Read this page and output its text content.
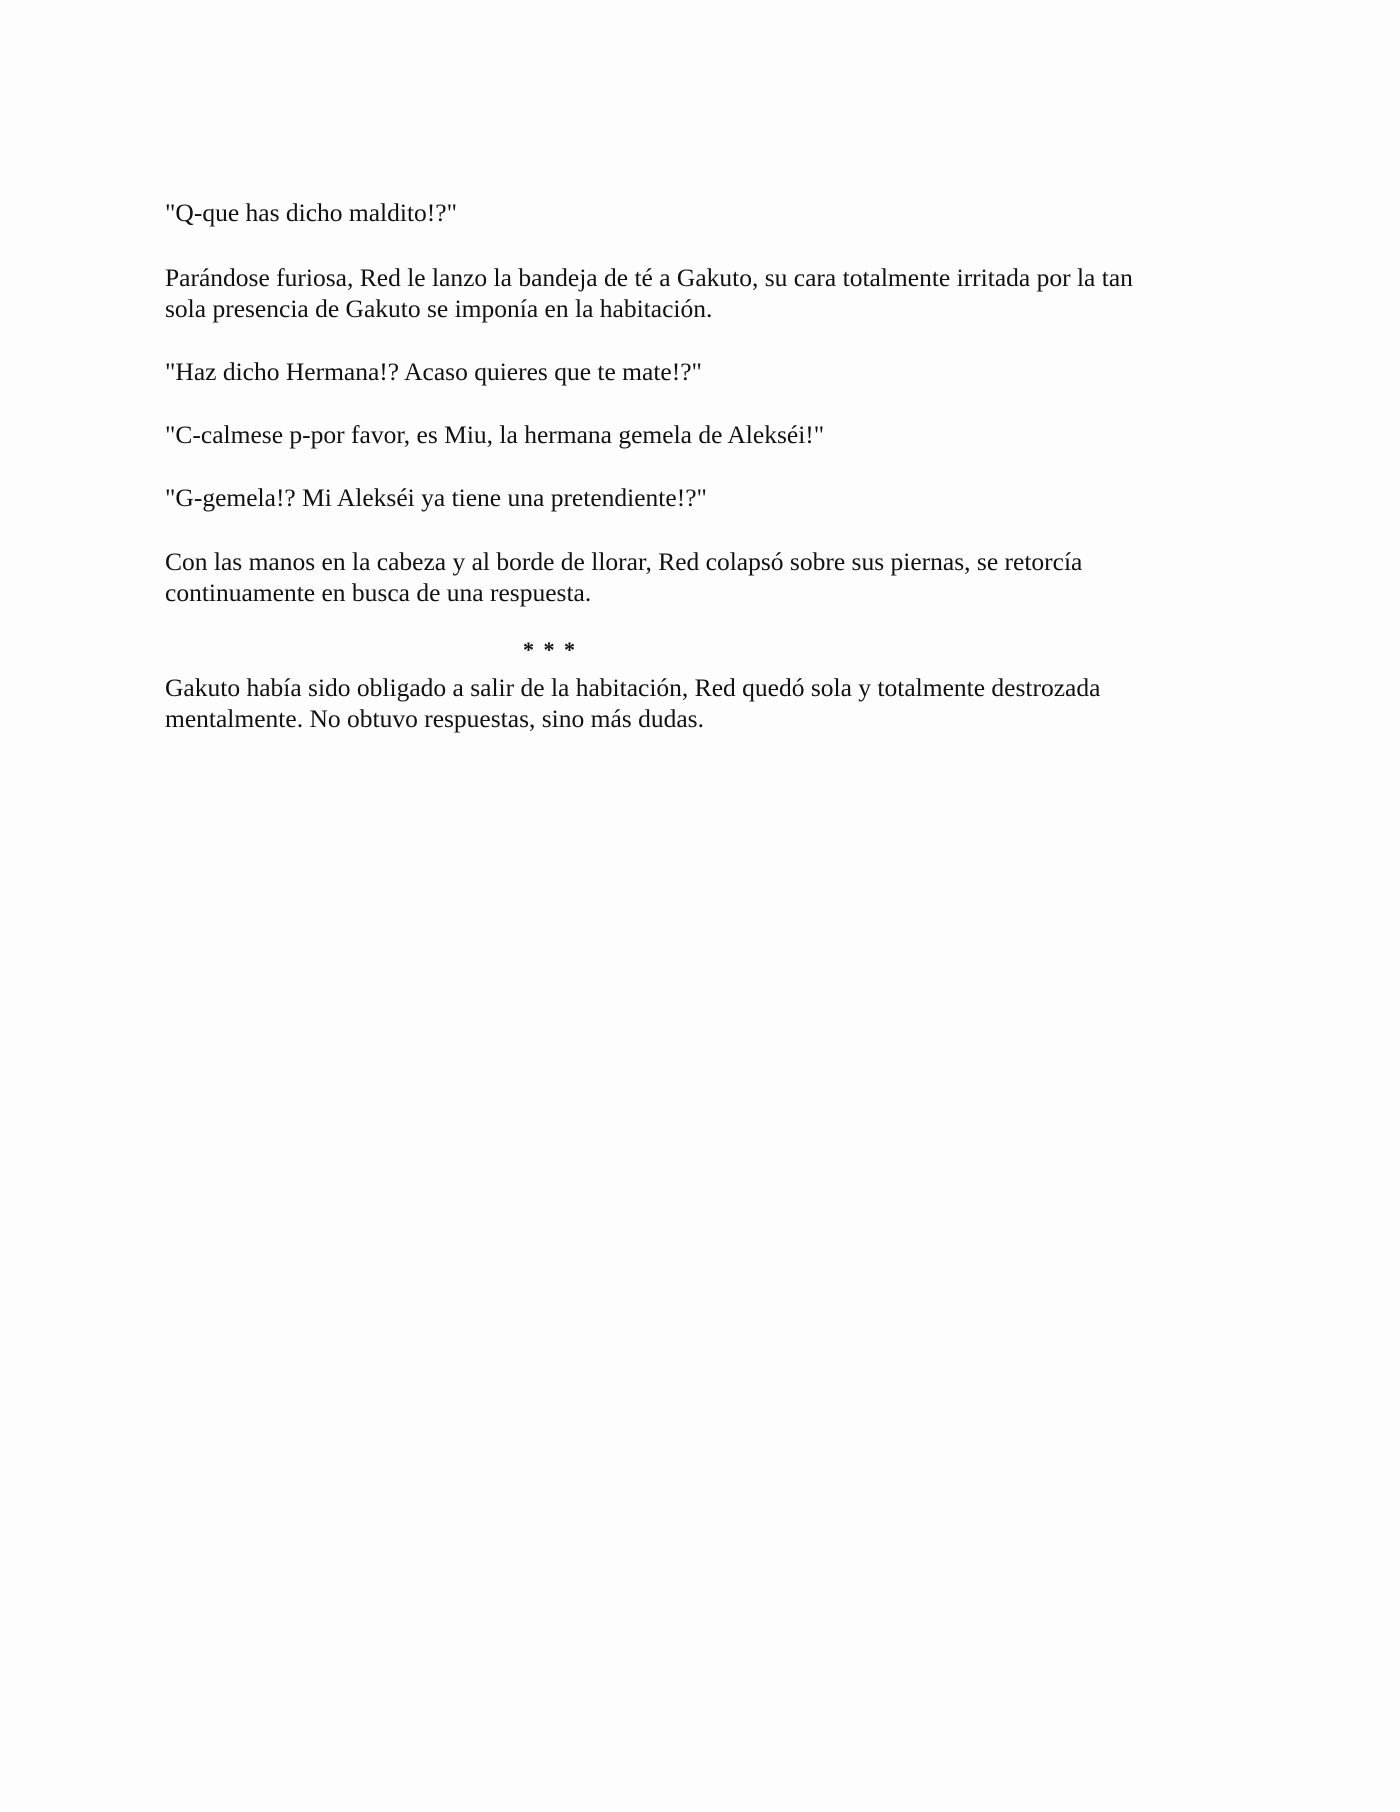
"Q-que has dicho maldito!?"

Parándose furiosa, Red le lanzo la bandeja de té a Gakuto, su cara totalmente irritada por la tan
sola presencia de Gakuto se imponía en la habitación.

"Haz dicho Hermana!? Acaso quieres que te mate!?"

"C-calmese p-por favor, es Miu, la hermana gemela de Alekséi!"

"G-gemela!? Mi Alekséi ya tiene una pretendiente!?"

Con las manos en la cabeza y al borde de llorar, Red colapsó sobre sus piernas, se retorcía
continuamente en busca de una respuesta.

* * *

Gakuto había sido obligado a salir de la habitación, Red quedó sola y totalmente destrozada
mentalmente. No obtuvo respuestas, sino más dudas.
